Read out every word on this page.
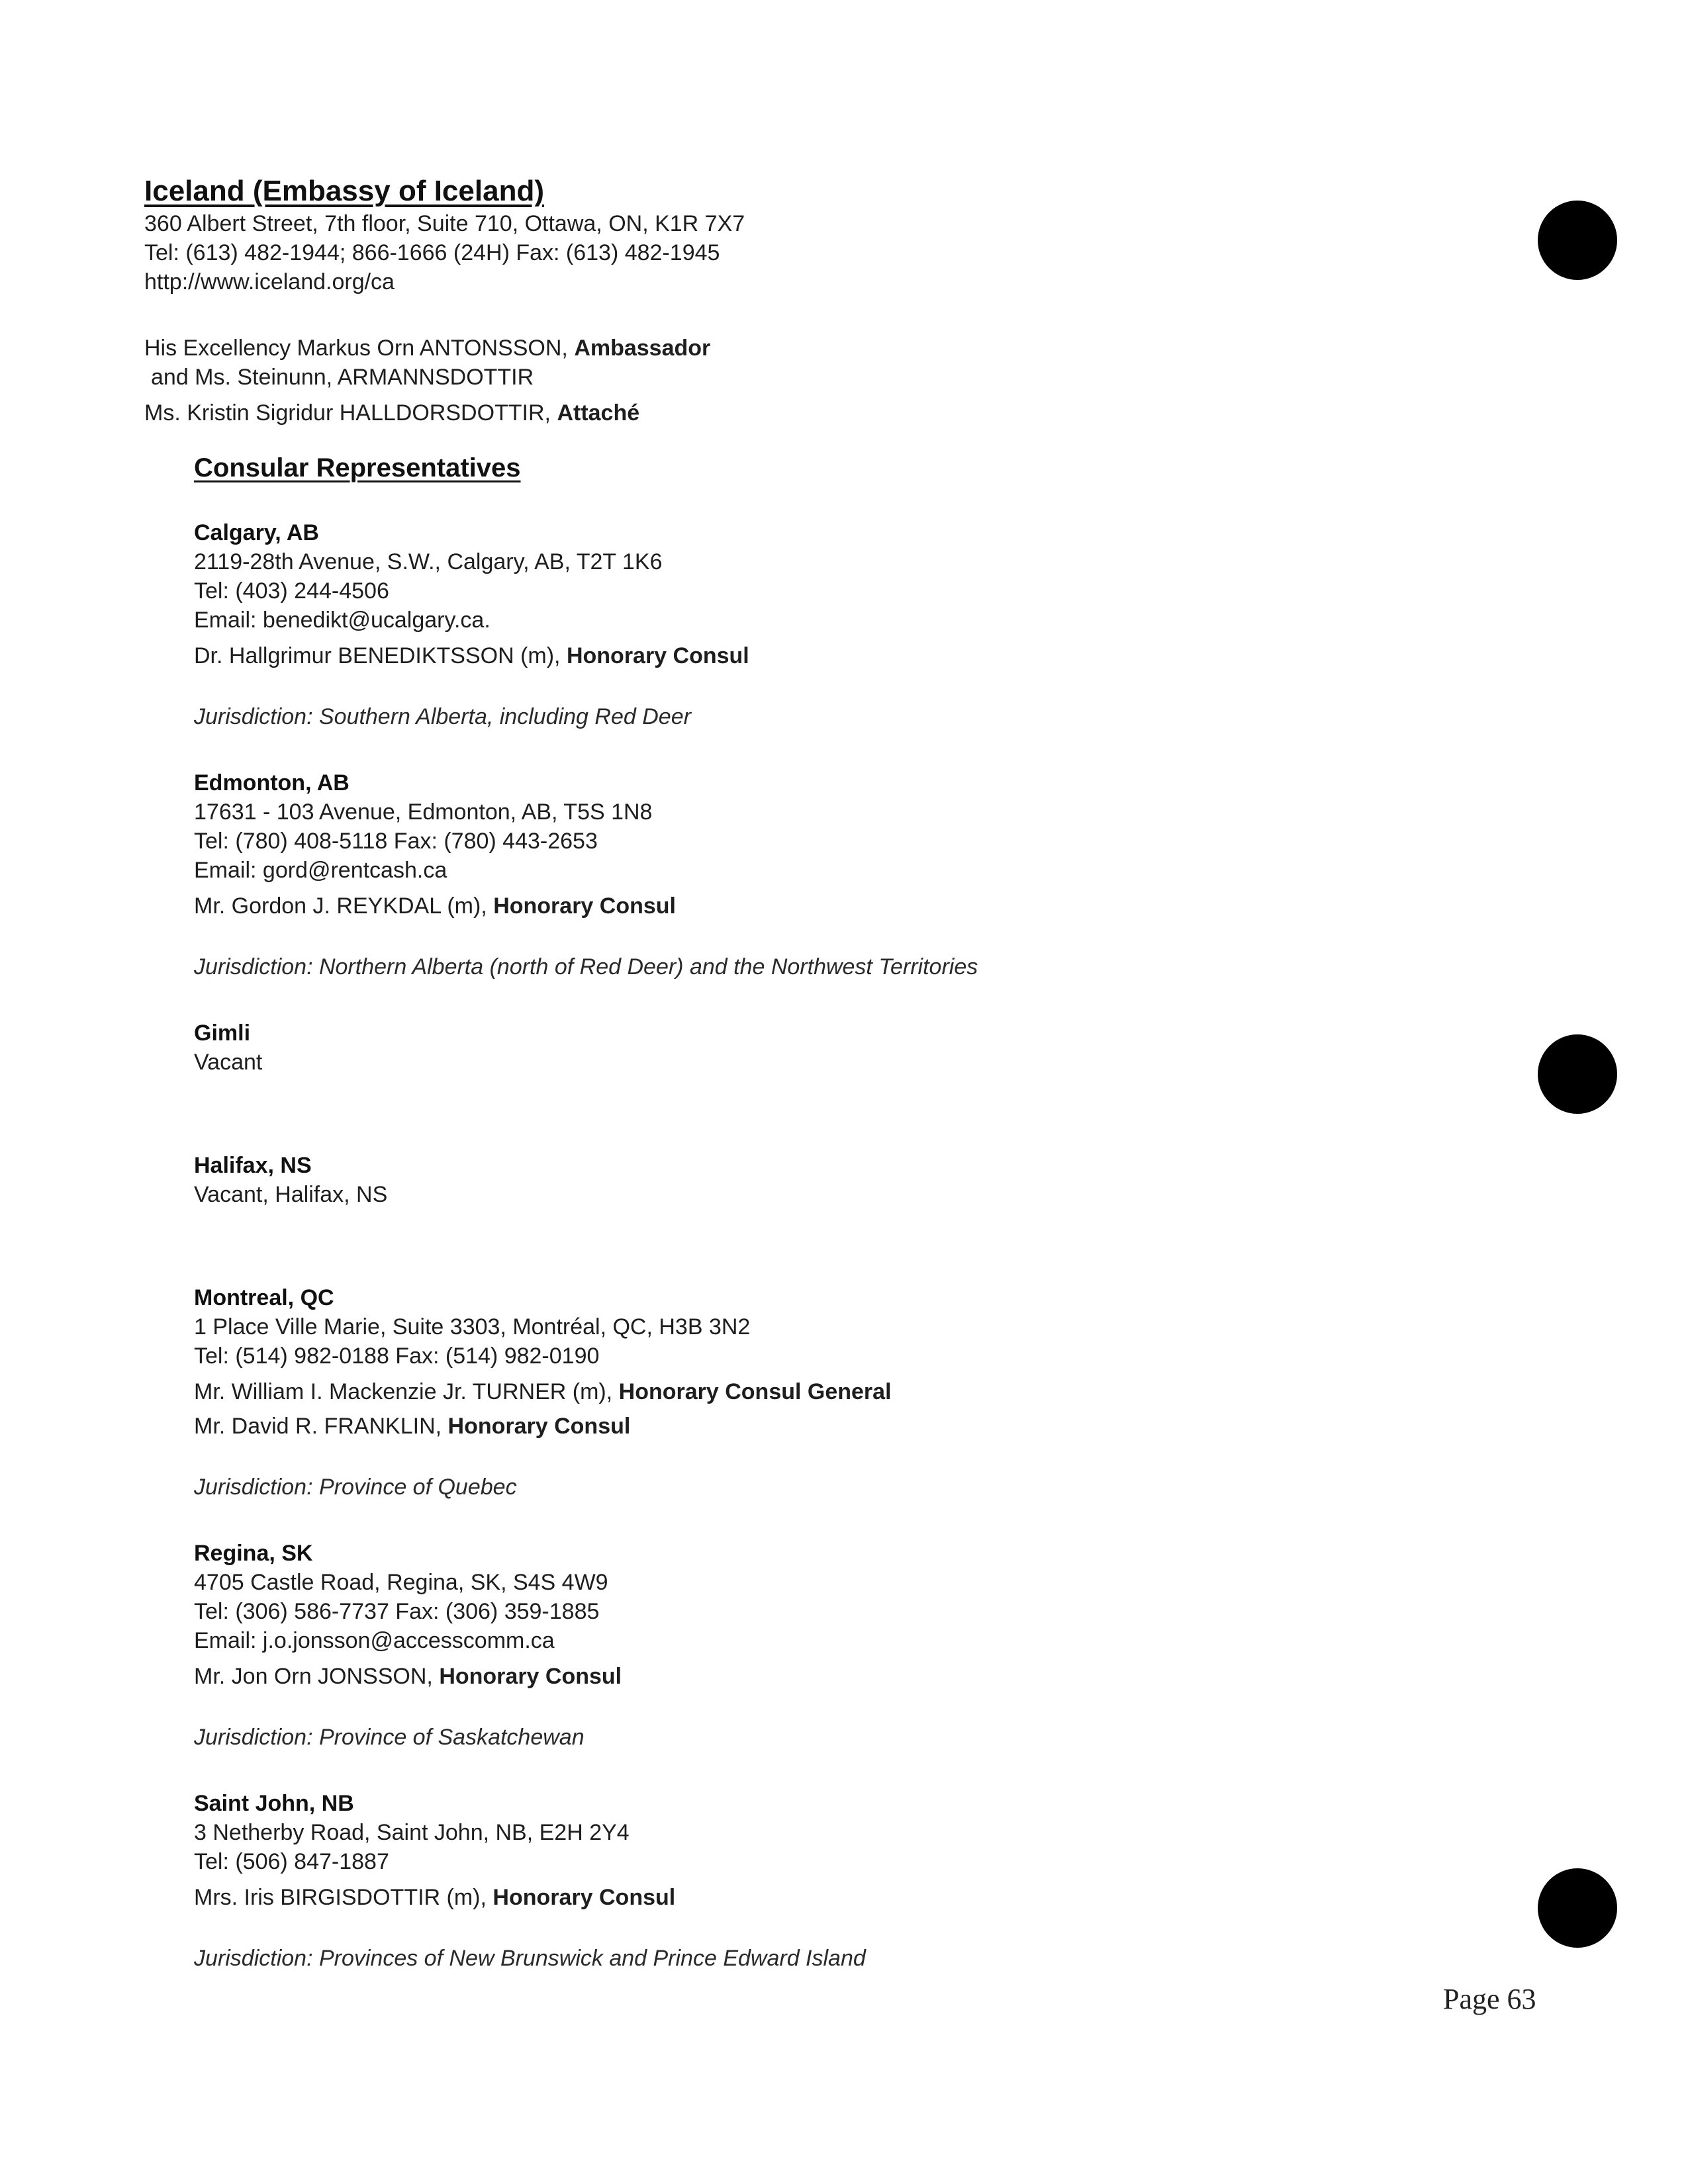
Iceland (Embassy of Iceland)
360 Albert Street, 7th floor, Suite 710, Ottawa, ON, K1R 7X7
Tel: (613) 482-1944; 866-1666 (24H) Fax: (613) 482-1945
http://www.iceland.org/ca
His Excellency Markus Orn ANTONSSON, Ambassador
and Ms. Steinunn, ARMANNSDOTTIR
Ms. Kristin Sigridur HALLDORSDOTTIR, Attaché
Consular Representatives
Calgary, AB
2119-28th Avenue, S.W., Calgary, AB, T2T 1K6
Tel: (403) 244-4506
Email: benedikt@ucalgary.ca.
Dr. Hallgrimur BENEDIKTSSON (m), Honorary Consul
Jurisdiction: Southern Alberta, including Red Deer
Edmonton, AB
17631 - 103 Avenue, Edmonton, AB, T5S 1N8
Tel: (780) 408-5118 Fax: (780) 443-2653
Email: gord@rentcash.ca
Mr. Gordon J. REYKDAL (m), Honorary Consul
Jurisdiction: Northern Alberta (north of Red Deer) and the Northwest Territories
Gimli
Vacant
Halifax, NS
Vacant, Halifax, NS
Montreal, QC
1 Place Ville Marie, Suite 3303, Montréal, QC, H3B 3N2
Tel: (514) 982-0188 Fax: (514) 982-0190
Mr. William I. Mackenzie Jr. TURNER (m), Honorary Consul General
Mr. David R. FRANKLIN, Honorary Consul
Jurisdiction: Province of Quebec
Regina, SK
4705 Castle Road, Regina, SK, S4S 4W9
Tel: (306) 586-7737 Fax: (306) 359-1885
Email: j.o.jonsson@accesscomm.ca
Mr. Jon Orn JONSSON, Honorary Consul
Jurisdiction: Province of Saskatchewan
Saint John, NB
3 Netherby Road, Saint John, NB, E2H 2Y4
Tel: (506) 847-1887
Mrs. Iris BIRGISDOTTIR (m), Honorary Consul
Jurisdiction: Provinces of New Brunswick and Prince Edward Island
Page 63
